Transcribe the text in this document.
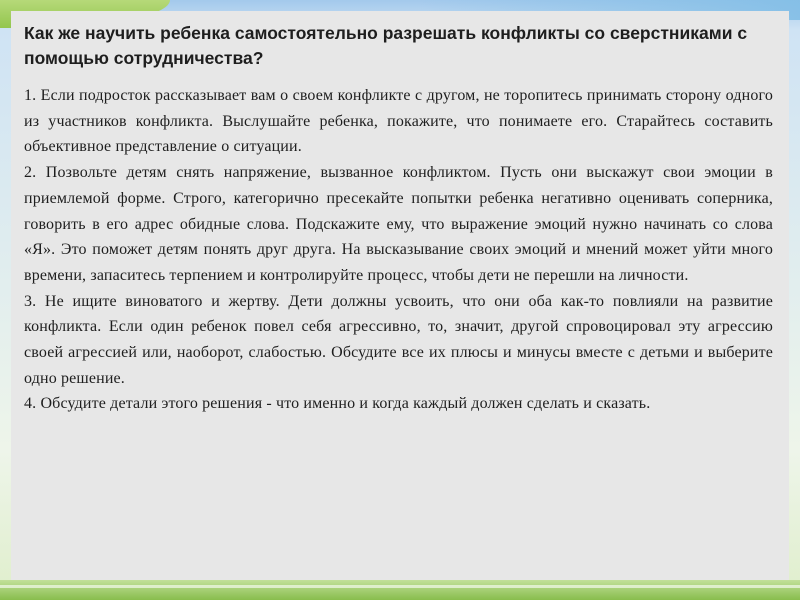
Как же научить ребенка самостоятельно разрешать конфликты со сверстниками с помощью сотрудничества?

1. Если подросток рассказывает вам о своем конфликте с другом, не торопитесь принимать сторону одного из участников конфликта. Выслушайте ребенка, покажите, что понимаете его. Старайтесь составить объективное представление о ситуации.

2. Позвольте детям снять напряжение, вызванное конфликтом. Пусть они выскажут свои эмоции в приемлемой форме. Строго, категорично пресекайте попытки ребенка негативно оценивать соперника, говорить в его адрес обидные слова. Подскажите ему, что выражение эмоций нужно начинать со слова «Я». Это поможет детям понять друг друга. На высказывание своих эмоций и мнений может уйти много времени, запаситесь терпением и контролируйте процесс, чтобы дети не перешли на личности.

3. Не ищите виноватого и жертву. Дети должны усвоить, что они оба как-то повлияли на развитие конфликта. Если один ребенок повел себя агрессивно, то, значит, другой спровоцировал эту агрессию своей агрессией или, наоборот, слабостью. Обсудите все их плюсы и минусы вместе с детьми и выберите одно решение.

4. Обсудите детали этого решения - что именно и когда каждый должен сделать и сказать.
